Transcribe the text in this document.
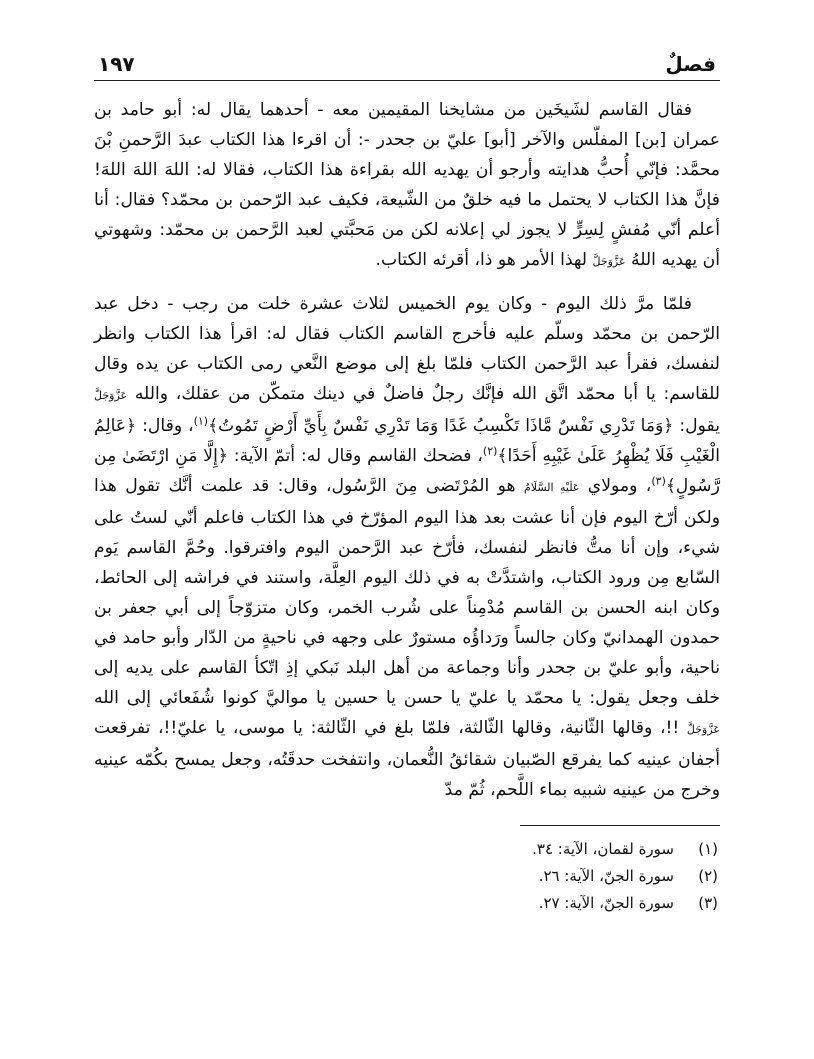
فصلٌ
١٩٧

فقال القاسم لشَيخَين من مشايخنا المقيمين معه - أحدهما يقال له: أبو حامد بن عمران [بن] المفلّس والآخر [أبو] عليّ بن جحدر -: أن اقرءا هذا الكتاب عبدَ الرَّحمنِ بْنَ محمَّد: فإنّي أُحبُّ هدايته وأرجو أن يهديه الله بقراءة هذا الكتاب، فقالا له: اللهَ اللهَ اللهَ! فإنَّ هذا الكتاب لا يحتمل ما فيه خلقٌ من الشّيعة، فكيف عبد الرّحمن بن محمّد؟ فقال: أنا أعلم أنّي مُفشٍ لِسِرٍّ لا يجوز لي إعلانه لكن من مَحبَّتي لعبد الرَّحمن بن محمّد: وشهوتي أن يهديه اللهُ عَزَّوَجَلَّ لهذا الأمر هو ذا، أقرئه الكتاب.

فلمّا مرَّ ذلك اليوم - وكان يوم الخميس لثلاث عشرة خلت من رجب - دخل عبد الرّحمن بن محمّد وسلّم عليه فأخرج القاسم الكتاب فقال له: اقرأ هذا الكتاب وانظر لنفسك، فقرأ عبد الرَّحمن الكتاب فلمّا بلغ إلى موضع النَّعي رمى الكتاب عن يده وقال للقاسم: يا أبا محمّد اتَّق الله فإنَّك رجلٌ فاضلٌ في دينك متمكّن من عقلك، والله عَزَّوَجَلَّ يقول: ﴿وَمَا تَدْرِي نَفْسٌ مَّاذَا تَكْسِبُ غَدًا وَمَا تَدْرِي نَفْسٌ بِأَيِّ أَرْضٍ تَمُوتُ﴾$^{(١)}$، وقال: ﴿عَالِمُ الْغَيْبِ فَلَا يُظْهِرُ عَلَىٰ غَيْبِهِ أَحَدًا﴾$^{(٢)}$، فضحك القاسم وقال له: أتمّ الآية: ﴿إِلَّا مَنِ ارْتَضَىٰ مِن رَّسُولٍ﴾$^{(٣)}$، ومولاي عَلَيْهِ السَّلَامُ هو المُرْتَضى مِنَ الرَّسُول، وقال: قد علمت أنَّك تقول هذا ولكن أرّخ اليوم فإن أنا عشت بعد هذا اليوم المؤرّخ في هذا الكتاب فاعلم أنّي لستُ على شيء، وإن أنا متُّ فانظر لنفسك، فأرّخ عبد الرَّحمن اليوم وافترقوا. وحُمَّ القاسم يَوم السّابع مِن ورود الكتاب، واشتدَّتْ به في ذلك اليوم العِلَّة، واستند في فراشه إلى الحائط، وكان ابنه الحسن بن القاسم مُدْمِناً على شُرب الخمر، وكان متزوّجاً إلى أبي جعفر بن حمدون الهمدانيّ وكان جالساً ورَداؤُه مستورٌ على وجهه في ناحيةٍ من الدّار وأبو حامد في ناحية، وأبو عليّ بن جحدر وأنا وجماعة من أهل البلد نَبكي إذِ اتّكأ القاسم على يديه إلى خلف وجعل يقول: يا محمّد يا عليّ يا حسن يا حسين يا مواليَّ كونوا شُفَعائي إلى الله عَزَّوَجَلَّ !!، وقالها الثّانية، وقالها الثّالثة، فلمّا بلغ في الثّالثة: يا موسى، يا عليّ!!، تفرقعت أجفان عينيه كما يفرقع الصّبيان شقائقُ النُّعمان، وانتفخت حدقَتُه، وجعل يمسح بكُمّه عينيه وخرج من عينيه شبيه بماء اللَّحم، ثُمّ مدّ

(١)
سورة لقمان، الآية: ٣٤.
(٢)
سورة الجنّ، الآية: ٢٦.
(٣)
سورة الجنّ، الآية: ٢٧.
